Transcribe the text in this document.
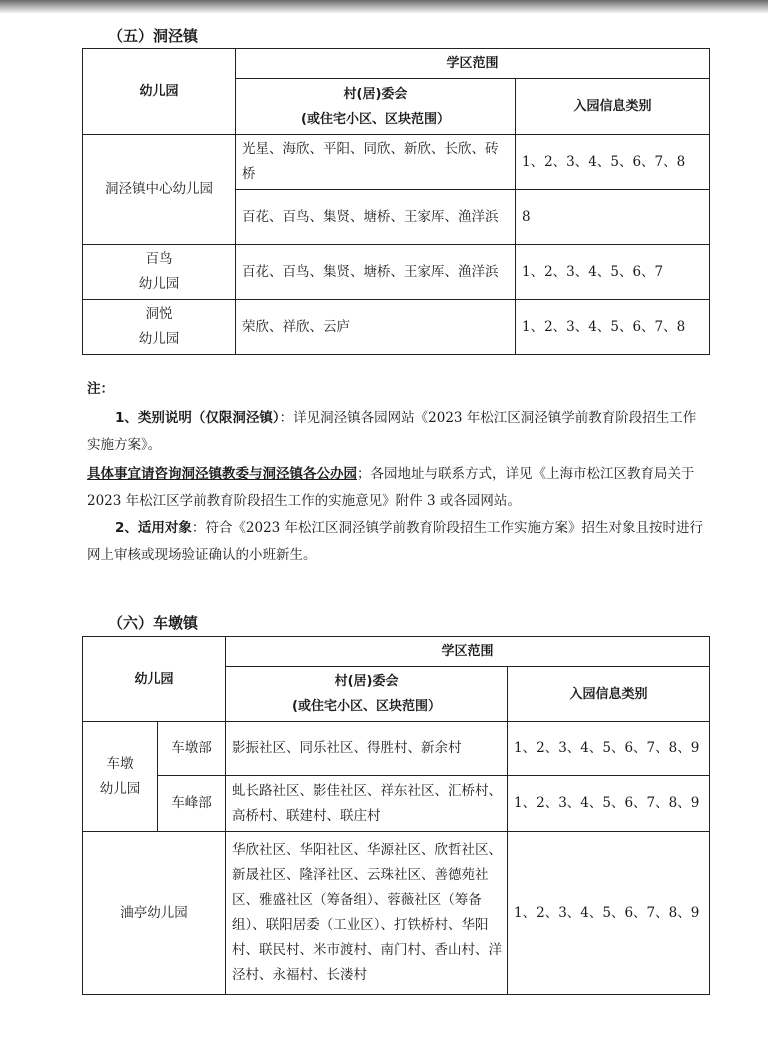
（五）洞泾镇
幼儿园	学区范围	

	村(居)委会
(或住宅小区、区块范围）	入园信息类别
洞泾镇中心幼儿园	光星、海欣、平阳、同欣、新欣、长欣、砖桥	1、2、3、4、5、6、7、8
	百花、百鸟、集贤、塘桥、王家厍、渔洋浜	8

百鸟
幼儿园	百花、百鸟、集贤、塘桥、王家厍、渔洋浜	1、2、3、4、5、6、7

洞悦
幼儿园	荣欣、祥欣、云庐	1、2、3、4、5、6、7、8

注：

1、类别说明（仅限洞泾镇）：详见洞泾镇各园网站《2023 年松江区洞泾镇学前教育阶段招生工作实施方案》。

具体事宜请咨询洞泾镇教委与洞泾镇各公办园；各园地址与联系方式，详见《上海市松江区教育局关于 2023 年松江区学前教育阶段招生工作的实施意见》附件 3 或各园网站。

2、适用对象：符合《2023 年松江区洞泾镇学前教育阶段招生工作实施方案》招生对象且按时进行网上审核或现场验证确认的小班新生。

（六）车墩镇
幼儿园		学区范围	

		村(居)委会
(或住宅小区、区块范围）	入园信息类别

车墩
幼儿园	车墩部	影振社区、同乐社区、得胜村、新余村	1、2、3、4、5、6、7、8、9
	车峰部	虬长路社区、影佳社区、祥东社区、汇桥村、高桥村、联建村、联庄村	1、2、3、4、5、6、7、8、9
浀亭幼儿园		华欣社区、华阳社区、华源社区、欣哲社区、新晟社区、隆泽社区、云珠社区、善德苑社区、雅盛社区（筹备组）、蓉薇社区（筹备组）、联阳居委（工业区）、打铁桥村、华阳村、联民村、米市渡村、南门村、香山村、洋泾村、永福村、长溇村	1、2、3、4、5、6、7、8、9
